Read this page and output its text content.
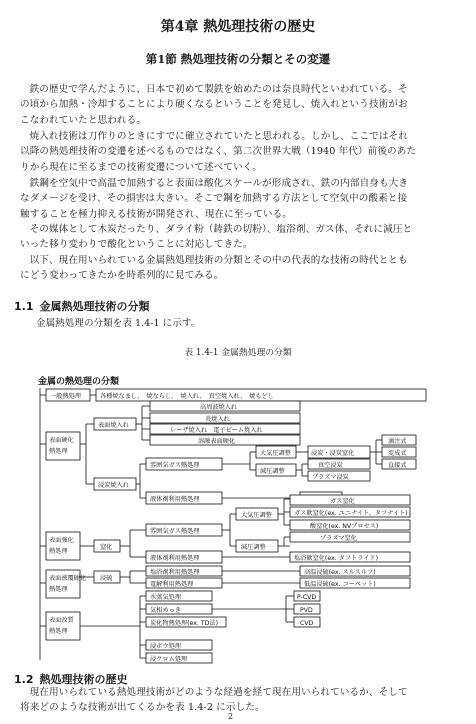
第4章 熱処理技術の歴史
第1節 熱処理技術の分類とその変遷
鉄の歴史で学んだように、日本で初めて製鉄を始めたのは奈良時代といわれている。そ
の頃から加熱・冷却することにより硬くなるということを発見し、焼入れという技術がお
こなわれていたと思われる。
焼入れ技術は刀作りのときにすでに確立されていたと思われる。しかし、ここではそれ
以降の熱処理技術の変遷を述べるものではなく、第二次世界大戦（1940 年代）前後のあた
りから現在に至るまでの技術変遷について述べていく。
鉄鋼を空気中で高温で加熱すると表面は酸化スケールが形成され、鉄の内部自身も大き
なダメージを受け、その損害は大きい。そこで鋼を加熱する方法として空気中の酸素と接
触することを極力抑える技術が開発され、現在に至っている。
その媒体として木炭だったり、ダライ粉（鋳鉄の切粉）、塩浴剤、ガス体、それに減圧と
いった移り変わりで酸化ということに対応してきた。
以下、現在用いられている金属熱処理技術の分類とその中の代表的な技術の時代ととも
にどう変わってきたかを時系列的に見てみる。
1.1 金属熱処理技術の分類
金属熱処理の分類を表 1.4-1 に示す。
表 1.4-1 金属熱処理の分類
金属の熱処理の分類
一般熱処理	各種焼なまし、　焼ならし、　焼入れ、　真空焼入れ、　焼もどし
表面硬化
熱処理
表面焼入れ
高周波焼入れ
炎焼入れ
レーザ焼入れ　電子ビーム焼入れ
溶融表面硬化
浸炭焼入れ
雰囲気ガス熱処理
液体剤利用熱処理
大気圧調整
減圧調整
浸炭・浸炭窒化
真空浸炭
プラズマ浸炭
滴注式
変成式
直接式
表面強化
熱処理
窒化
雰囲気ガス熱処理
液体剤利用熱処理	塩浴軟窒化(ex. タフトライド)
大気圧調整
減圧調整
ガス窒化
ガス軟窒化(ex. ユニナイト、タフナイト)
酸窒化(ex. NVプロセス)
プラズマ窒化
表面被覆硬化
熱処理
浸硫
塩浴剤利用熱処理
電解利用熱処理
高温浸硫(ex. スルスルフ)
低温浸硫(ex. コーペット)
表面改質
熱処理
水蒸気処理
気相めっき
炭化物熱処理(ex. TD法)
浸ボウ処理
浸クロム処理
P-CVD
PVD
CVD
1.2 熱処理技術の歴史
現在用いられている熱処理技術がどのような経過を経て現在用いられているか、そして
将来どのような技術が出てくるかを表 1.4-2 に示した。
2
